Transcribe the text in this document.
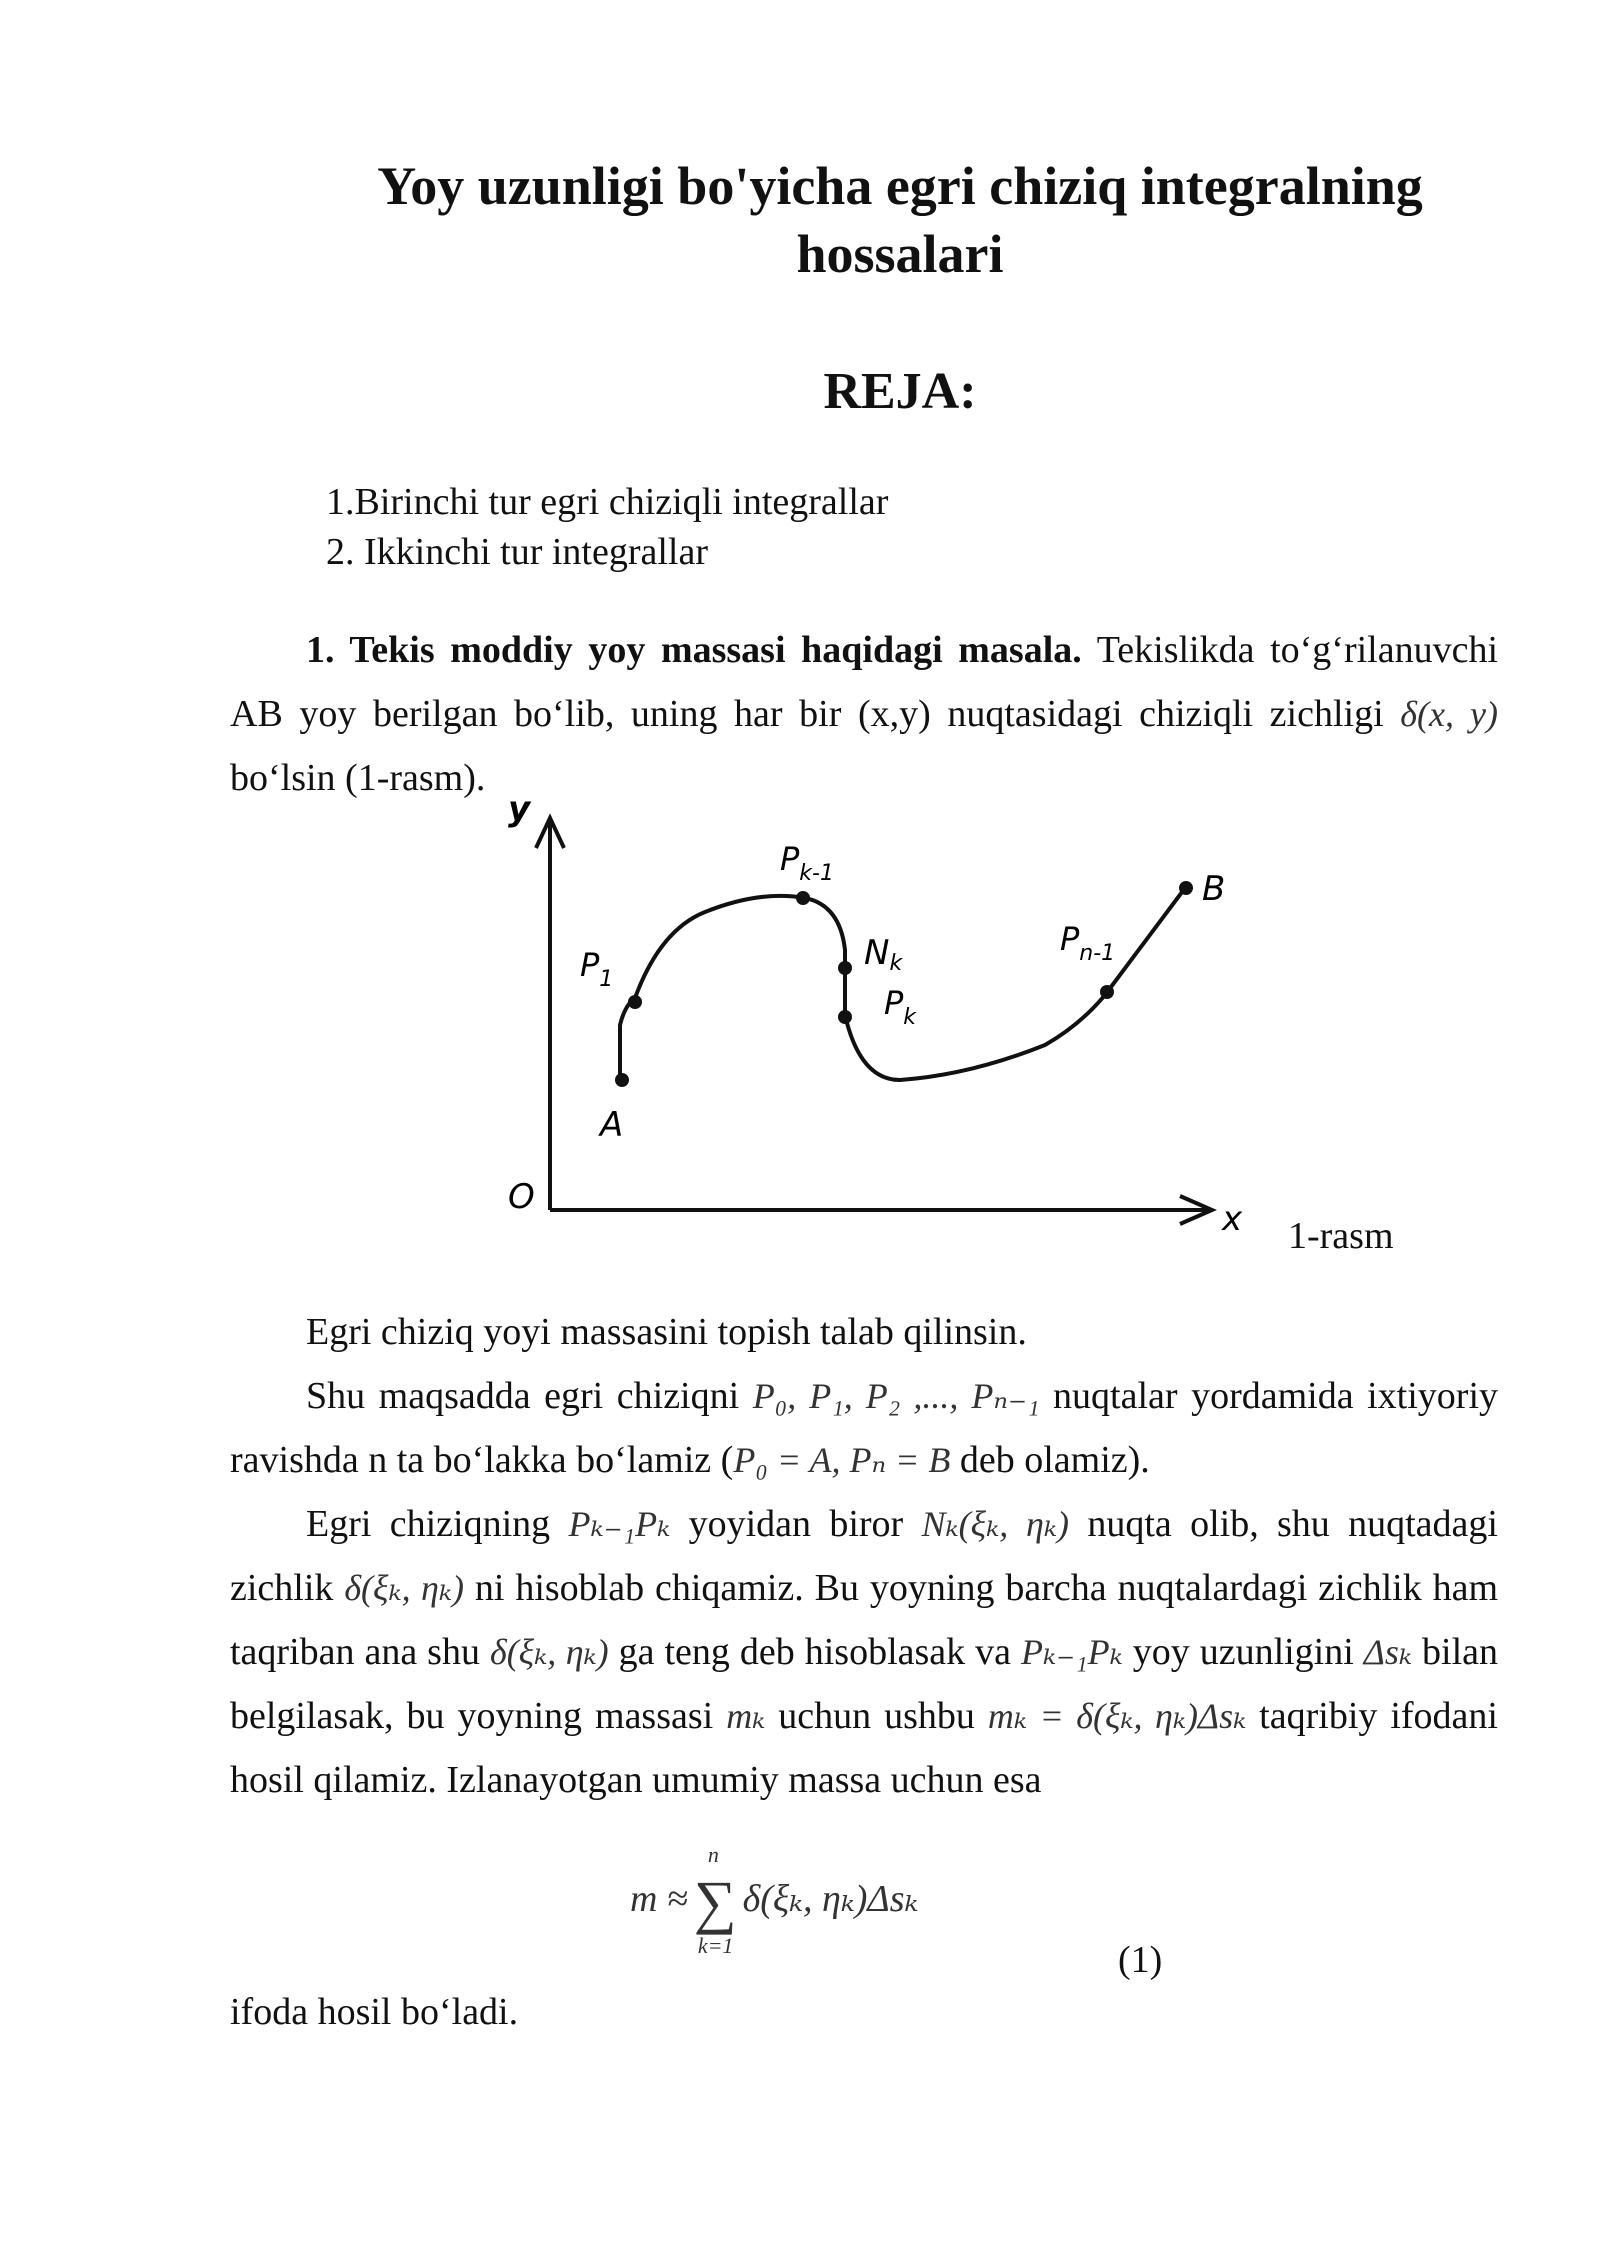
Yoy uzunligi bo'yicha egri chiziq integralning
hossalari
REJA:
1.Birinchi tur egri chiziqli integrallar
2. Ikkinchi tur integrallar

1. Tekis moddiy yoy massasi haqidagi masala. Tekislikda to‘g‘rilanuvchi AB yoy berilgan bo‘lib, uning har bir (x,y) nuqtasidagi chiziqli zichligi δ(x, y) bo‘lsin (1-rasm).

y
x
O
A
B
$P_1$
$P_{k-1}$
Nk
$P_k$
$P_{n-1}$
1-rasm

Egri chiziq yoyi massasini topish talab qilinsin.

Shu maqsadda egri chiziqni P₀, P₁, P₂ ,..., Pₙ₋₁ nuqtalar yordamida ixtiyoriy ravishda n ta bo‘lakka bo‘lamiz (P₀ = A, Pₙ = B deb olamiz).

Egri chiziqning Pₖ₋₁Pₖ yoyidan biror Nₖ(ξₖ, ηₖ) nuqta olib, shu nuqtadagi zichlik δ(ξₖ, ηₖ) ni hisoblab chiqamiz. Bu yoyning barcha nuqtalardagi zichlik ham taqriban ana shu δ(ξₖ, ηₖ) ga teng deb hisoblasak va Pₖ₋₁Pₖ yoy uzunligini Δsₖ bilan belgilasak, bu yoyning massasi mₖ uchun ushbu mₖ = δ(ξₖ, ηₖ)Δsₖ taqribiy ifodani hosil qilamiz. Izlanayotgan umumiy massa uchun esa

m ≈
n
∑
k=1
δ(ξₖ, ηₖ)Δsₖ
(1)
ifoda hosil bo‘ladi.
